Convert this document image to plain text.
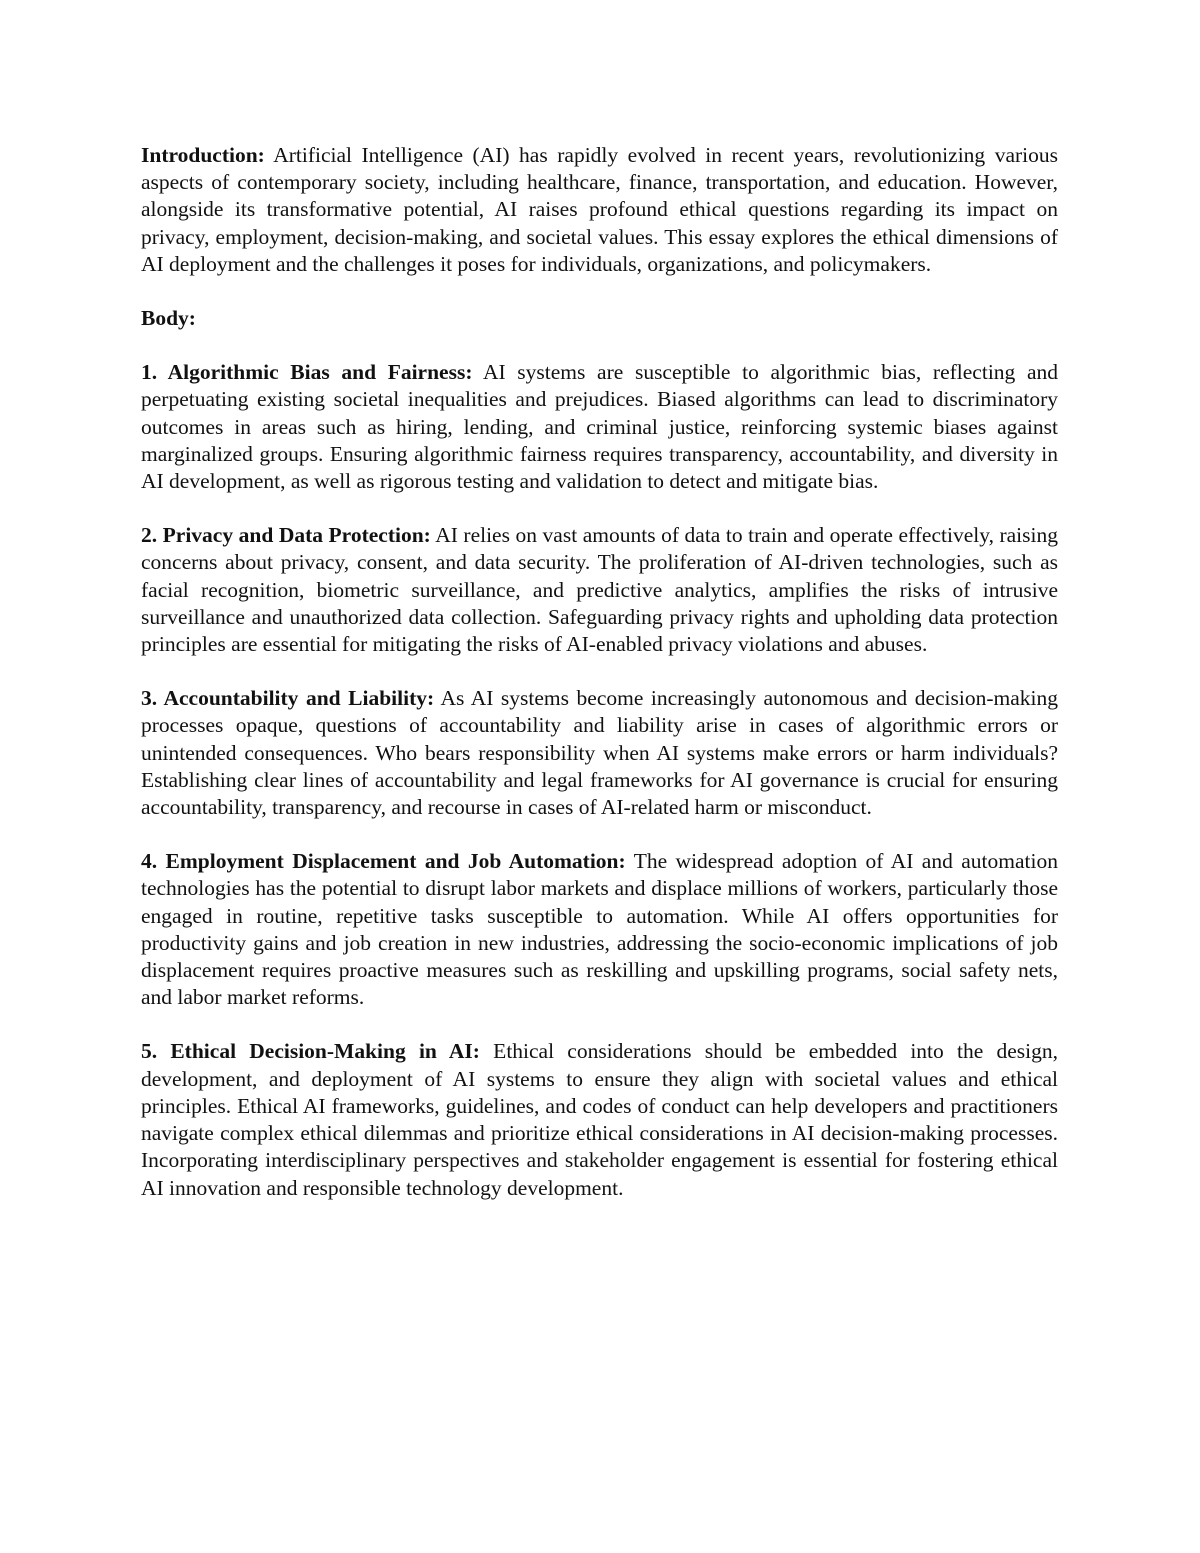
Introduction: Artificial Intelligence (AI) has rapidly evolved in recent years, revolutionizing various aspects of contemporary society, including healthcare, finance, transportation, and education. However, alongside its transformative potential, AI raises profound ethical questions regarding its impact on privacy, employment, decision-making, and societal values. This essay explores the ethical dimensions of AI deployment and the challenges it poses for individuals, organizations, and policymakers.

Body:

1. Algorithmic Bias and Fairness: AI systems are susceptible to algorithmic bias, reflecting and perpetuating existing societal inequalities and prejudices. Biased algorithms can lead to discriminatory outcomes in areas such as hiring, lending, and criminal justice, reinforcing systemic biases against marginalized groups. Ensuring algorithmic fairness requires transparency, accountability, and diversity in AI development, as well as rigorous testing and validation to detect and mitigate bias.

2. Privacy and Data Protection: AI relies on vast amounts of data to train and operate effectively, raising concerns about privacy, consent, and data security. The proliferation of AI-driven technologies, such as facial recognition, biometric surveillance, and predictive analytics, amplifies the risks of intrusive surveillance and unauthorized data collection. Safeguarding privacy rights and upholding data protection principles are essential for mitigating the risks of AI-enabled privacy violations and abuses.

3. Accountability and Liability: As AI systems become increasingly autonomous and decision-making processes opaque, questions of accountability and liability arise in cases of algorithmic errors or unintended consequences. Who bears responsibility when AI systems make errors or harm individuals? Establishing clear lines of accountability and legal frameworks for AI governance is crucial for ensuring accountability, transparency, and recourse in cases of AI-related harm or misconduct.

4. Employment Displacement and Job Automation: The widespread adoption of AI and automation technologies has the potential to disrupt labor markets and displace millions of workers, particularly those engaged in routine, repetitive tasks susceptible to automation. While AI offers opportunities for productivity gains and job creation in new industries, addressing the socio-economic implications of job displacement requires proactive measures such as reskilling and upskilling programs, social safety nets, and labor market reforms.

5. Ethical Decision-Making in AI: Ethical considerations should be embedded into the design, development, and deployment of AI systems to ensure they align with societal values and ethical principles. Ethical AI frameworks, guidelines, and codes of conduct can help developers and practitioners navigate complex ethical dilemmas and prioritize ethical considerations in AI decision-making processes. Incorporating interdisciplinary perspectives and stakeholder engagement is essential for fostering ethical AI innovation and responsible technology development.
